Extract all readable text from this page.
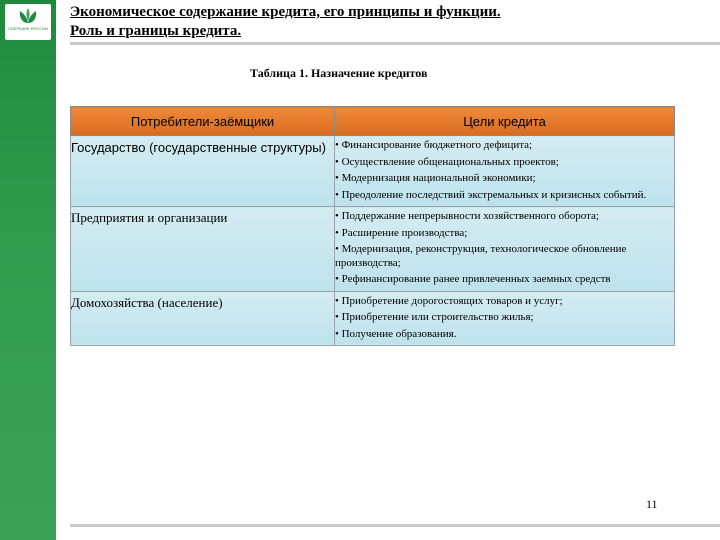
СБЕРБАНК РОССИИ
Экономическое содержание кредита, его принципы и функции.
Роль и границы кредита.
Таблица 1. Назначение кредитов
Потребители-заёмщики	Цели кредита
Государство (государственные структуры)	• Финансирование бюджетного дефицита;
• Осуществление общенациональных проектов;
• Модернизация национальной экономики;
• Преодоление последствий экстремальных и кризисных событий.

Предприятия и организации	• Поддержание непрерывности хозяйственного оборота;
• Расширение производства;
• Модернизация, реконструкция, технологическое обновление производства;
• Рефинансирование ранее привлеченных заемных средств

Домохозяйства (население)	• Приобретение дорогостоящих товаров и услуг;
• Приобретение или строительство жилья;
• Получение образования.
11
